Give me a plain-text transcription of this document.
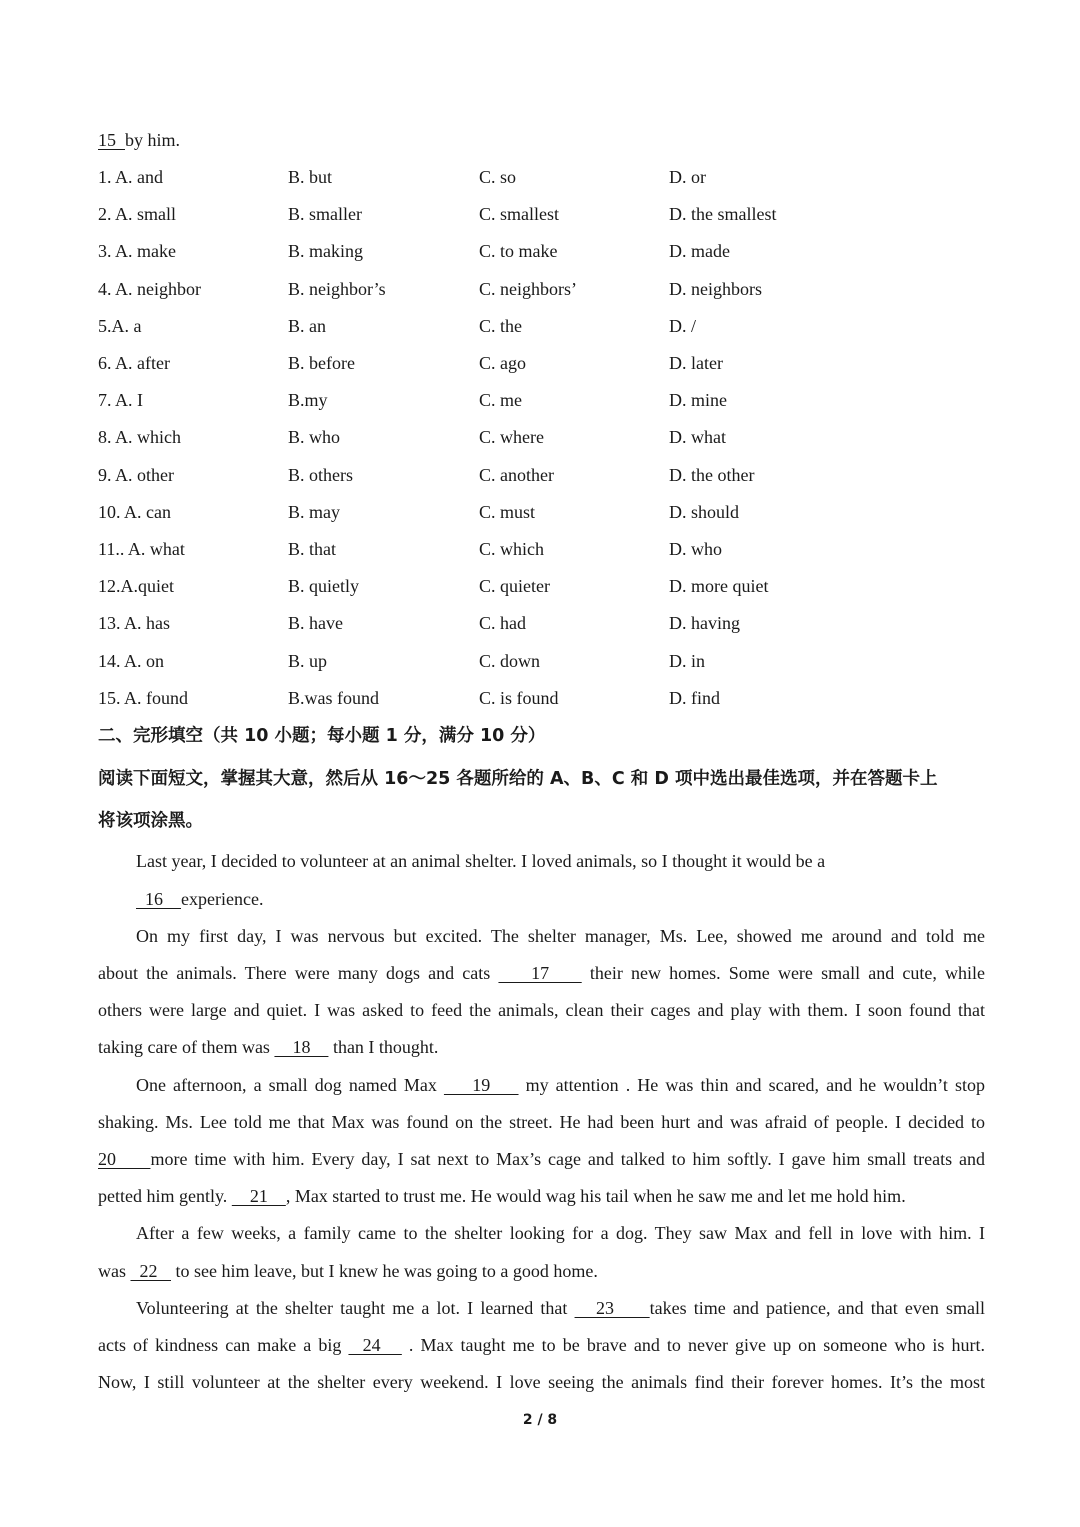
15  by him.
1. A. and	B. but	C. so	D. or
2. A. small	B. smaller	C. smallest	D. the smallest
3. A. make	B. making	C. to make	D. made
4. A. neighbor	B. neighbor’s	C. neighbors’	D. neighbors
5.A. a	B. an	C. the	D. /
6. A. after	B. before	C. ago	D. later
7. A. I	B.my	C. me	D. mine
8. A. which	B. who	C. where	D. what
9. A. other	B. others	C. another	D. the other
10. A. can	B. may	C. must	D. should
11.. A. what	B. that	C. which	D. who
12.A.quiet	B. quietly	C. quieter	D. more quiet
13. A. has	B. have	C. had	D. having
14. A. on	B. up	C. down	D. in
15. A. found	B.was found	C. is found	D. find
二、完形填空（共 10 小题；每小题 1 分，满分 10 分）
阅读下面短文，掌握其大意，然后从 16～25 各题所给的 A、B、C 和 D 项中选出最佳选项，并在答题卡上
将该项涂黑。
Last year, I decided to volunteer at an animal shelter. I loved animals, so I thought it would be a
16    experience.
On my first day, I was nervous but excited. The shelter manager, Ms. Lee, showed me around and told me
about the animals. There were many dogs and cats     17     their new homes. Some were small and cute, while
others were large and quiet. I was asked to feed the animals, clean their cages and play with them. I soon found that
taking care of them was     18     than I thought.
One afternoon, a small dog named Max     19     my attention . He was thin and scared, and he wouldn’t stop
shaking. Ms. Lee told me that Max was found on the street. He had been hurt and was afraid of people. I decided to
20     more time with him. Every day, I sat next to Max’s cage and talked to him softly. I gave him small treats and
petted him gently.     21    , Max started to trust me. He would wag his tail when he saw me and let me hold him.
After a few weeks, a family came to the shelter looking for a dog. They saw Max and fell in love with him. I
was   22    to see him leave, but I knew he was going to a good home.
Volunteering at the shelter taught me a lot. I learned that    23     takes time and patience, and that even small
acts of kindness can make a big   24    . Max taught me to be brave and to never give up on someone who is hurt.
Now, I still volunteer at the shelter every weekend. I love seeing the animals find their forever homes. It’s the most
2 / 8
